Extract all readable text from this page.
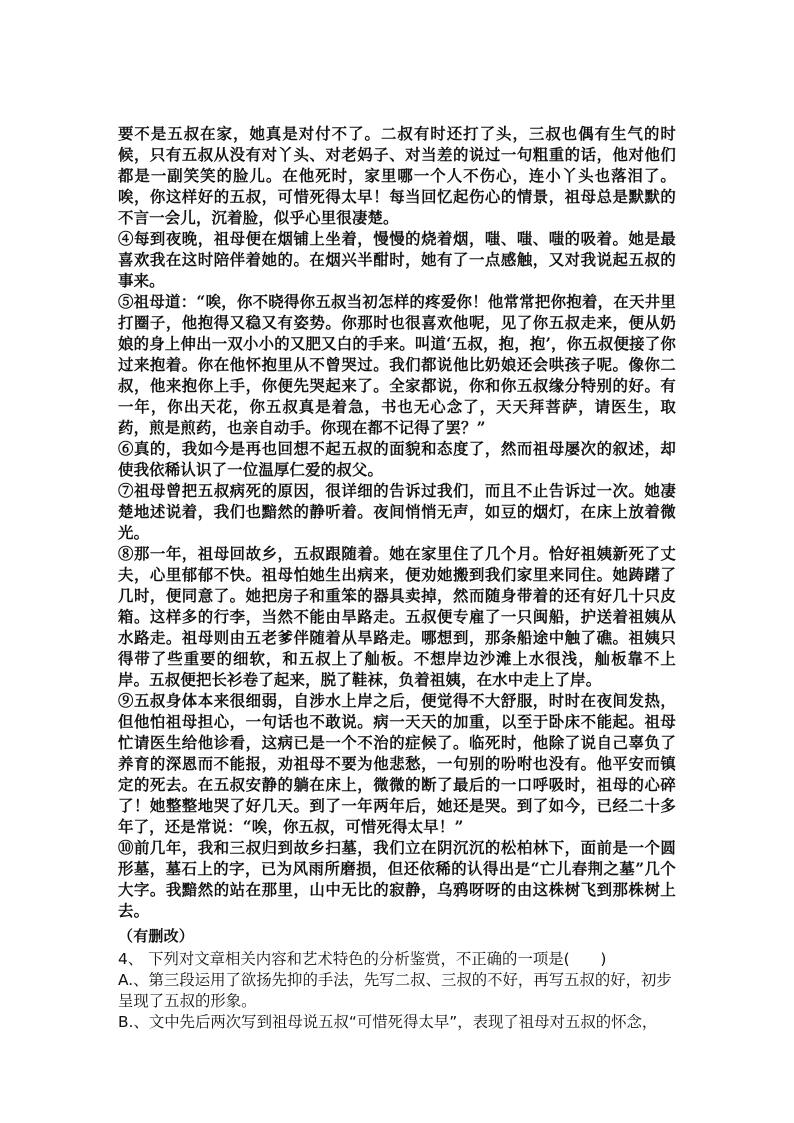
要不是五叔在家，她真是对付不了。二叔有时还打了头，三叔也偶有生气的时候，只有五叔从没有对丫头、对老妈子、对当差的说过一句粗重的话，他对他们都是一副笑笑的脸儿。在他死时，家里哪一个人不伤心，连小丫头也落泪了。唉，你这样好的五叔，可惜死得太早！每当回忆起伤心的情景，祖母总是默默的不言一会儿，沉着脸，似乎心里很凄楚。

④每到夜晚，祖母便在烟铺上坐着，慢慢的烧着烟，嗤、嗤、嗤的吸着。她是最喜欢我在这时陪伴着她的。在烟兴半酣时，她有了一点感触，又对我说起五叔的事来。

⑤祖母道：“唉，你不晓得你五叔当初怎样的疼爱你！他常常把你抱着，在天井里打圈子，他抱得又稳又有姿势。你那时也很喜欢他呢，见了你五叔走来，便从奶娘的身上伸出一双小小的又肥又白的手来。叫道‘五叔，抱，抱’，你五叔便接了你过来抱着。你在他怀抱里从不曾哭过。我们都说他比奶娘还会哄孩子呢。像你二叔，他来抱你上手，你便先哭起来了。全家都说，你和你五叔缘分特别的好。有一年，你出天花，你五叔真是着急，书也无心念了，天天拜菩萨，请医生，取药，煎是煎药，也亲自动手。你现在都不记得了罢？”

⑥真的，我如今是再也回想不起五叔的面貌和态度了，然而祖母屡次的叙述，却使我依稀认识了一位温厚仁爱的叔父。

⑦祖母曾把五叔病死的原因，很详细的告诉过我们，而且不止告诉过一次。她凄楚地述说着，我们也黯然的静听着。夜间悄悄无声，如豆的烟灯，在床上放着微光。

⑧那一年，祖母回故乡，五叔跟随着。她在家里住了几个月。恰好祖姨新死了丈夫，心里郁郁不快。祖母怕她生出病来，便劝她搬到我们家里来同住。她踌躇了几时，便同意了。她把房子和重笨的器具卖掉，然而随身带着的还有好几十只皮箱。这样多的行李，当然不能由旱路走。五叔便专雇了一只闽船，护送着祖姨从水路走。祖母则由五老爹伴随着从旱路走。哪想到，那条船途中触了礁。祖姨只得带了些重要的细软，和五叔上了舢板。不想岸边沙滩上水很浅，舢板靠不上岸。五叔便把长衫卷了起来，脱了鞋袜，负着祖姨，在水中走上了岸。

⑨五叔身体本来很细弱，自涉水上岸之后，便觉得不大舒服，时时在夜间发热，但他怕祖母担心，一句话也不敢说。病一天天的加重，以至于卧床不能起。祖母忙请医生给他诊看，这病已是一个不治的症候了。临死时，他除了说自己辜负了养育的深恩而不能报，劝祖母不要为他悲愁，一句别的吩咐也没有。他平安而镇定的死去。在五叔安静的躺在床上，微微的断了最后的一口呼吸时，祖母的心碎了！她整整地哭了好几天。到了一年两年后，她还是哭。到了如今，已经二十多年了，还是常说：“唉，你五叔，可惜死得太早！”

⑩前几年，我和三叔归到故乡扫墓，我们立在阴沉沉的松柏林下，面前是一个圆形墓，墓石上的字，已为风雨所磨损，但还依稀的认得出是“亡儿春荆之墓”几个大字。我黯然的站在那里，山中无比的寂静，乌鸦呀呀的由这株树飞到那株树上去。

（有删改）

4、 下列对文章相关内容和艺术特色的分析鉴赏，不正确的一项是(　　)

A.、第三段运用了欲扬先抑的手法，先写二叔、三叔的不好，再写五叔的好，初步呈现了五叔的形象。

B.、文中先后两次写到祖母说五叔“可惜死得太早”，表现了祖母对五叔的怀念，
